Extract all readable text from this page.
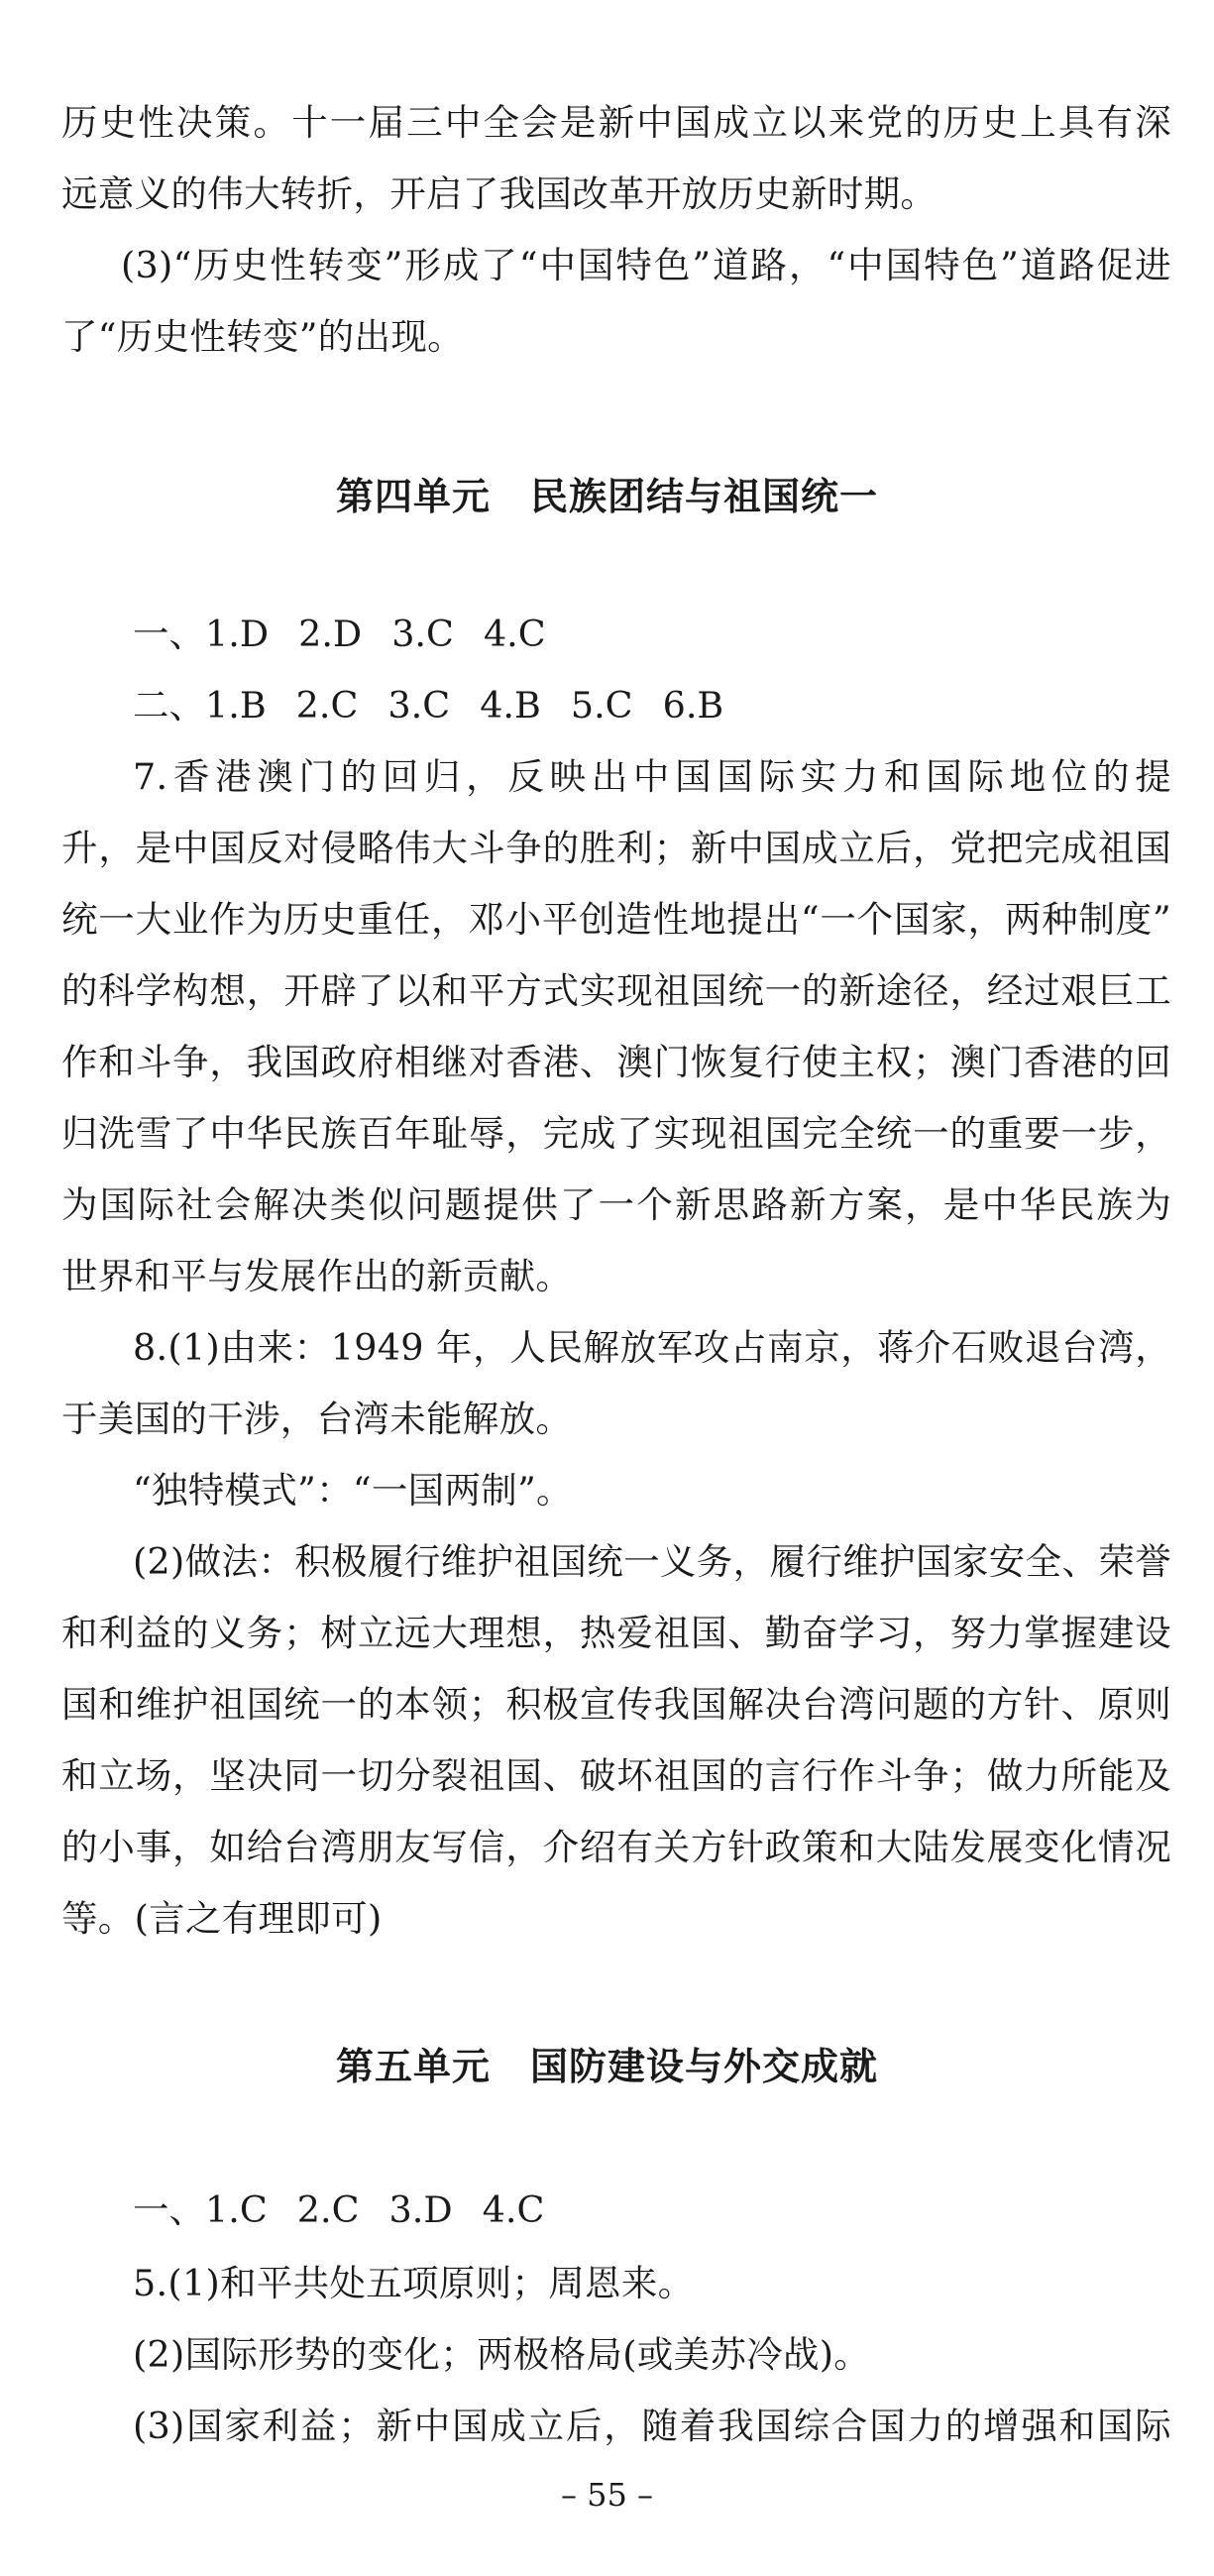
历史性决策。十一届三中全会是新中国成立以来党的历史上具有深
远意义的伟大转折，开启了我国改革开放历史新时期。
(3)“历史性转变”形成了“中国特色”道路，“中国特色”道路促进
了“历史性转变”的出现。
第四单元 民族团结与祖国统一
一、1.D 2.D 3.C 4.C
二、1.B 2.C 3.C 4.B 5.C 6.B
7.香港澳门的回归，反映出中国国际实力和国际地位的提
升，是中国反对侵略伟大斗争的胜利；新中国成立后，党把完成祖国
统一大业作为历史重任，邓小平创造性地提出“一个国家，两种制度”
的科学构想，开辟了以和平方式实现祖国统一的新途径，经过艰巨工
作和斗争，我国政府相继对香港、澳门恢复行使主权；澳门香港的回
归洗雪了中华民族百年耻辱，完成了实现祖国完全统一的重要一步，
为国际社会解决类似问题提供了一个新思路新方案，是中华民族为
世界和平与发展作出的新贡献。
8.(1)由来：1949 年，人民解放军攻占南京，蒋介石败退台湾，
于美国的干涉，台湾未能解放。
“独特模式”：“一国两制”。
(2)做法：积极履行维护祖国统一义务，履行维护国家安全、荣誉
和利益的义务；树立远大理想，热爱祖国、勤奋学习，努力掌握建设
国和维护祖国统一的本领；积极宣传我国解决台湾问题的方针、原则
和立场，坚决同一切分裂祖国、破坏祖国的言行作斗争；做力所能及
的小事，如给台湾朋友写信，介绍有关方针政策和大陆发展变化情况
等。(言之有理即可)
第五单元 国防建设与外交成就
一、1.C 2.C 3.D 4.C
5.(1)和平共处五项原则；周恩来。
(2)国际形势的变化；两极格局(或美苏冷战)。
(3)国家利益；新中国成立后，随着我国综合国力的增强和国际
– 55 –
